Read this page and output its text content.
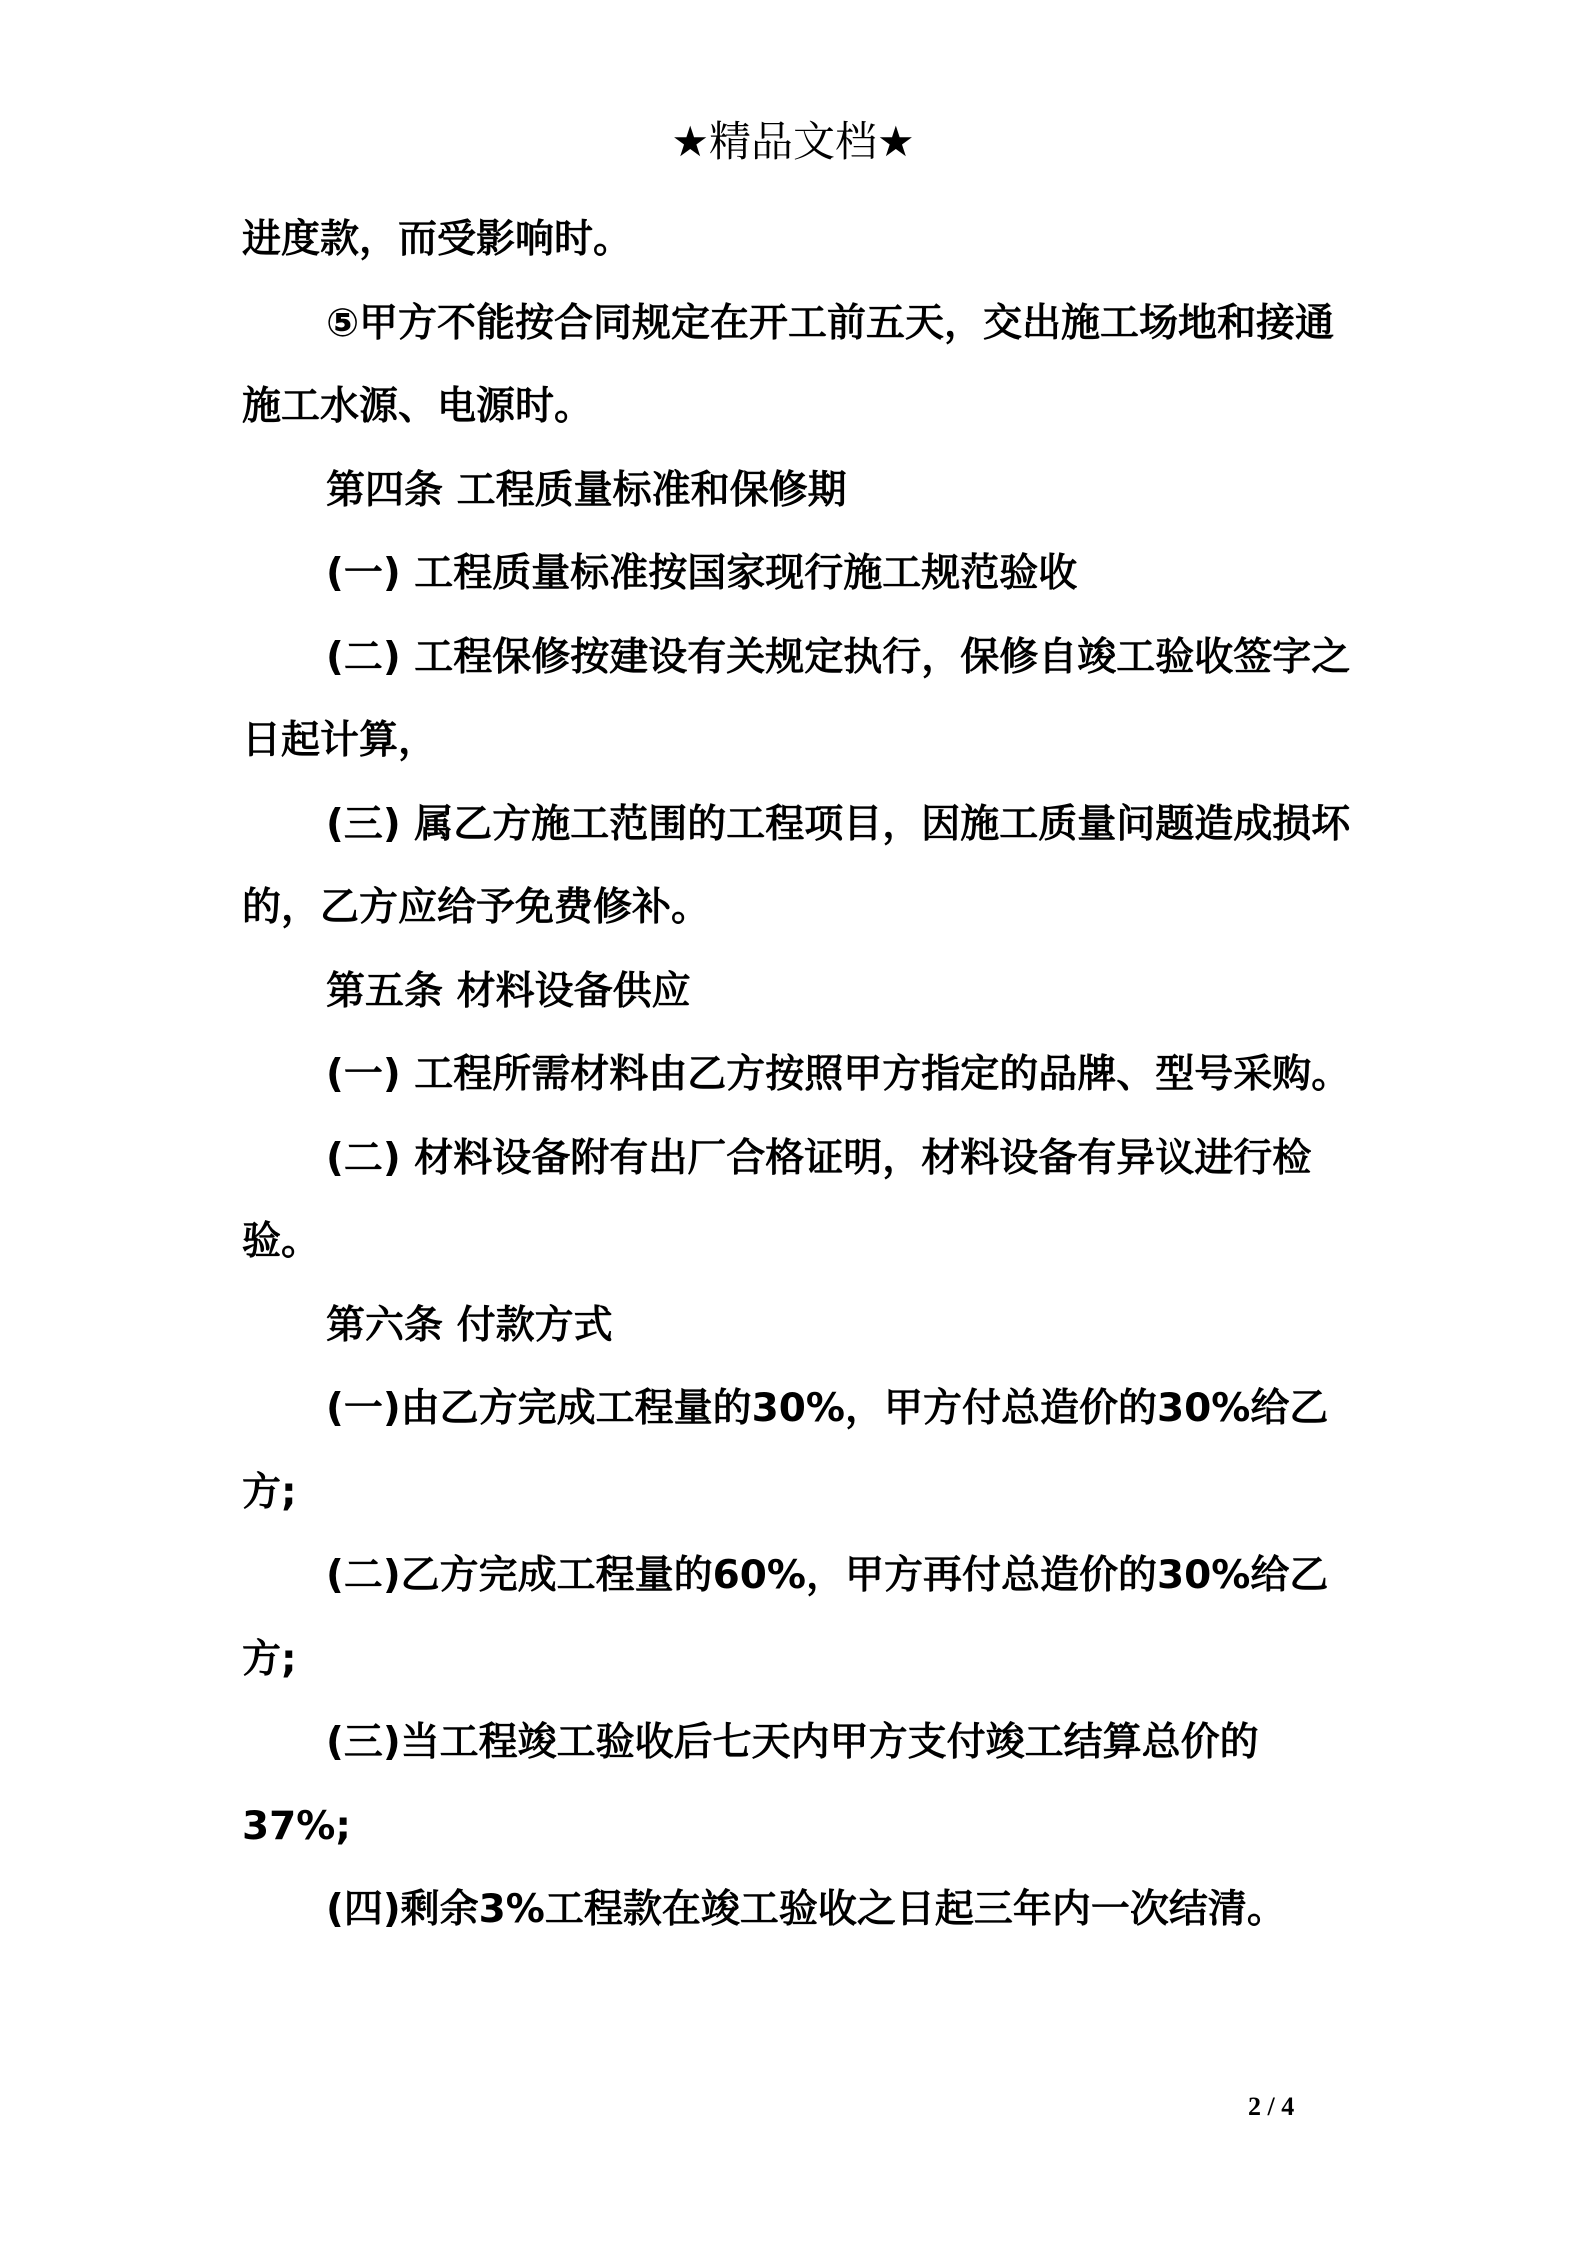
★精品文档★

进度款，而受影响时。

⑤甲方不能按合同规定在开工前五天，交出施工场地和接通施工水源、电源时。

第四条 工程质量标准和保修期

(一) 工程质量标准按国家现行施工规范验收

(二) 工程保修按建设有关规定执行，保修自竣工验收签字之日起计算，

(三) 属乙方施工范围的工程项目，因施工质量问题造成损坏的，乙方应给予免费修补。

第五条 材料设备供应

(一) 工程所需材料由乙方按照甲方指定的品牌、型号采购。

(二) 材料设备附有出厂合格证明，材料设备有异议进行检验。

第六条 付款方式

(一)由乙方完成工程量的30%，甲方付总造价的30%给乙方;

(二)乙方完成工程量的60%，甲方再付总造价的30%给乙方;

(三)当工程竣工验收后七天内甲方支付竣工结算总价的37%;

(四)剩余3%工程款在竣工验收之日起三年内一次结清。

2 / 4
